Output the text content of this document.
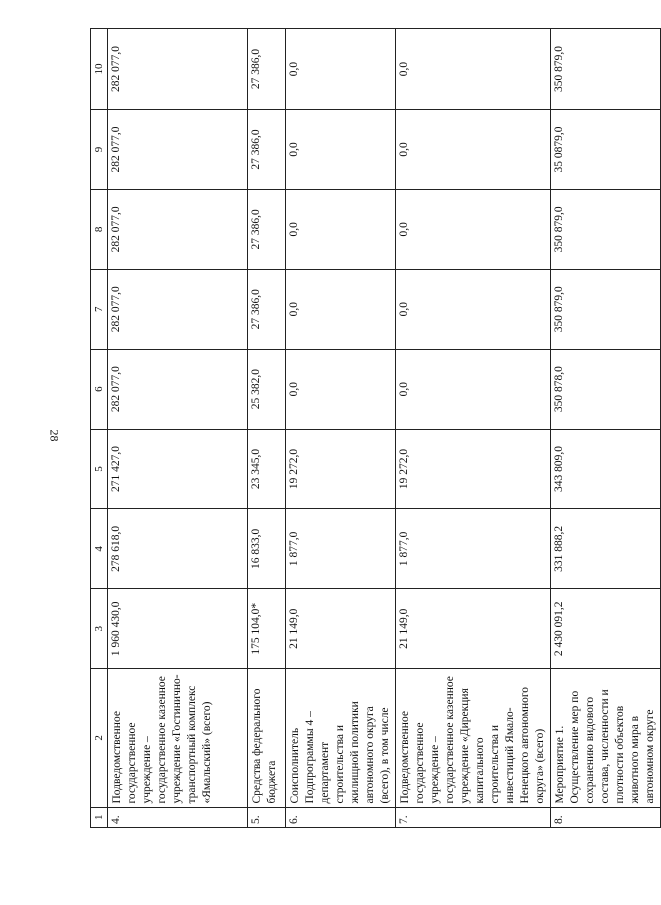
28
1	2	3	4	5	6	7	8	9	10
4.	Подведомственное государственное учреждение – государственное казенное учреждение «Гостинично-транспортный комплекс «Ямальский» (всего)	1 960 430,0	278 618,0	271 427,0	282 077,0	282 077,0	282 077,0	282 077,0	282 077,0
5.	Средства федерального бюджета	175 104,0*	16 833,0	23 345,0	25 382,0	27 386,0	27 386,0	27 386,0	27 386,0
6.	Соисполнитель Подпрограммы 4 – департамент строительства и жилищной политики автономного округа (всего), в том числе	21 149,0	1 877,0	19 272,0	0,0	0,0	0,0	0,0	0,0
7.	Подведомственное государственное учреждение – государственное казенное учреждение «Дирекция капитального строительства и инвестиций Ямало-Ненецкого автономного округа» (всего)	21 149,0	1 877,0	19 272,0	0,0	0,0	0,0	0,0	0,0
8.	Мероприятие 1. Осуществление мер по сохранению видового состава, численности и плотности объектов животного мира в автономном округе	2 430 091,2	331 888,2	343 809,0	350 878,0	350 879,0	350 879,0	35 0879,0	350 879,0
